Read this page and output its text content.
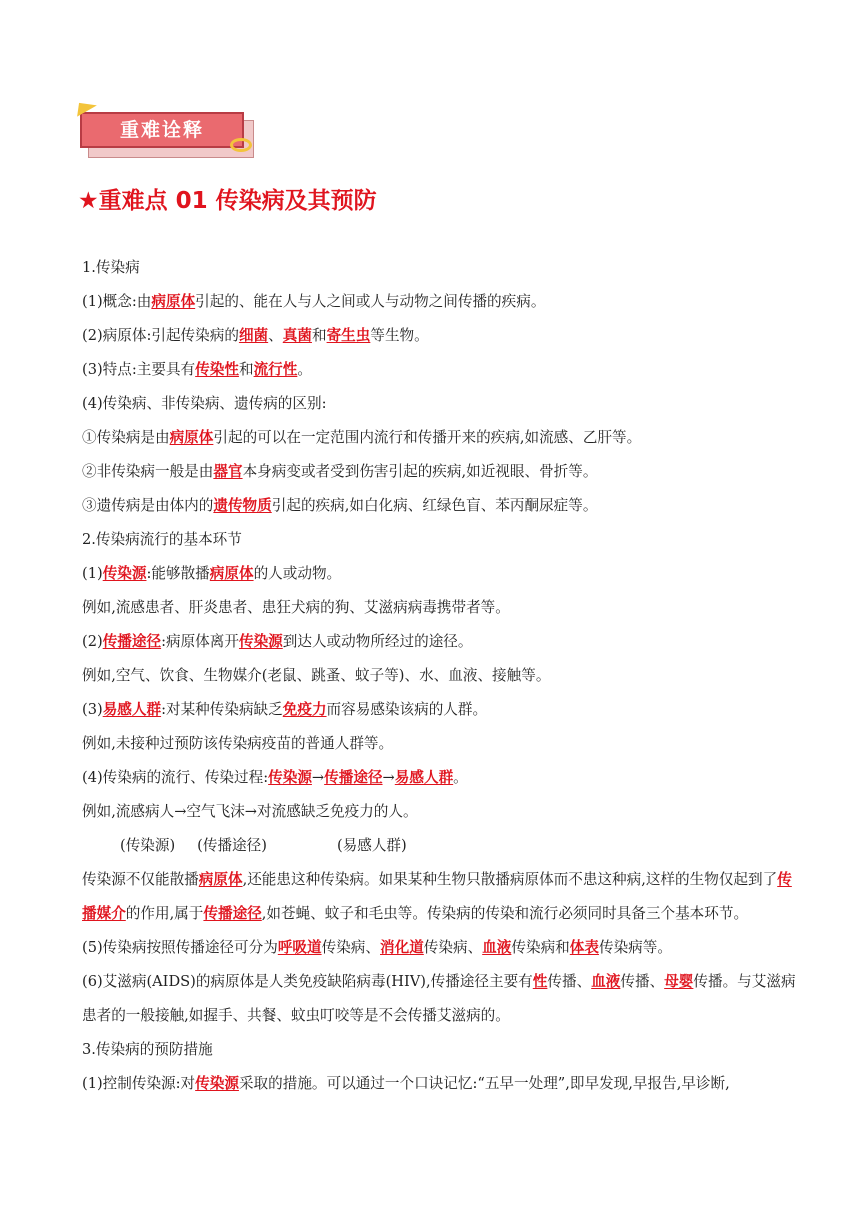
重难诠释
★重难点 01 传染病及其预防
1.传染病
(1)概念:由病原体引起的、能在人与人之间或人与动物之间传播的疾病。
(2)病原体:引起传染病的细菌、真菌和寄生虫等生物。
(3)特点:主要具有传染性和流行性。
(4)传染病、非传染病、遗传病的区别:
①传染病是由病原体引起的可以在一定范围内流行和传播开来的疾病,如流感、乙肝等。
②非传染病一般是由器官本身病变或者受到伤害引起的疾病,如近视眼、骨折等。
③遗传病是由体内的遗传物质引起的疾病,如白化病、红绿色盲、苯丙酮尿症等。
2.传染病流行的基本环节
(1)传染源:能够散播病原体的人或动物。
例如,流感患者、肝炎患者、患狂犬病的狗、艾滋病病毒携带者等。
(2)传播途径:病原体离开传染源到达人或动物所经过的途径。
例如,空气、饮食、生物媒介(老鼠、跳蚤、蚊子等)、水、血液、接触等。
(3)易感人群:对某种传染病缺乏免疫力而容易感染该病的人群。
例如,未接种过预防该传染病疫苗的普通人群等。
(4)传染病的流行、传染过程:传染源→传播途径→易感人群。
例如,流感病人→空气飞沫→对流感缺乏免疫力的人。
(传染源) (传播途径)	(易感人群)
传染源不仅能散播病原体,还能患这种传染病。如果某种生物只散播病原体而不患这种病,这样的生物仅起到了传播媒介的作用,属于传播途径,如苍蝇、蚊子和毛虫等。传染病的传染和流行必须同时具备三个基本环节。
(5)传染病按照传播途径可分为呼吸道传染病、消化道传染病、血液传染病和体表传染病等。
(6)艾滋病(AIDS)的病原体是人类免疫缺陷病毒(HIV),传播途径主要有性传播、血液传播、母婴传播。与艾滋病患者的一般接触,如握手、共餐、蚊虫叮咬等是不会传播艾滋病的。
3.传染病的预防措施
(1)控制传染源:对传染源采取的措施。可以通过一个口诀记忆:“五早一处理”,即早发现,早报告,早诊断,
